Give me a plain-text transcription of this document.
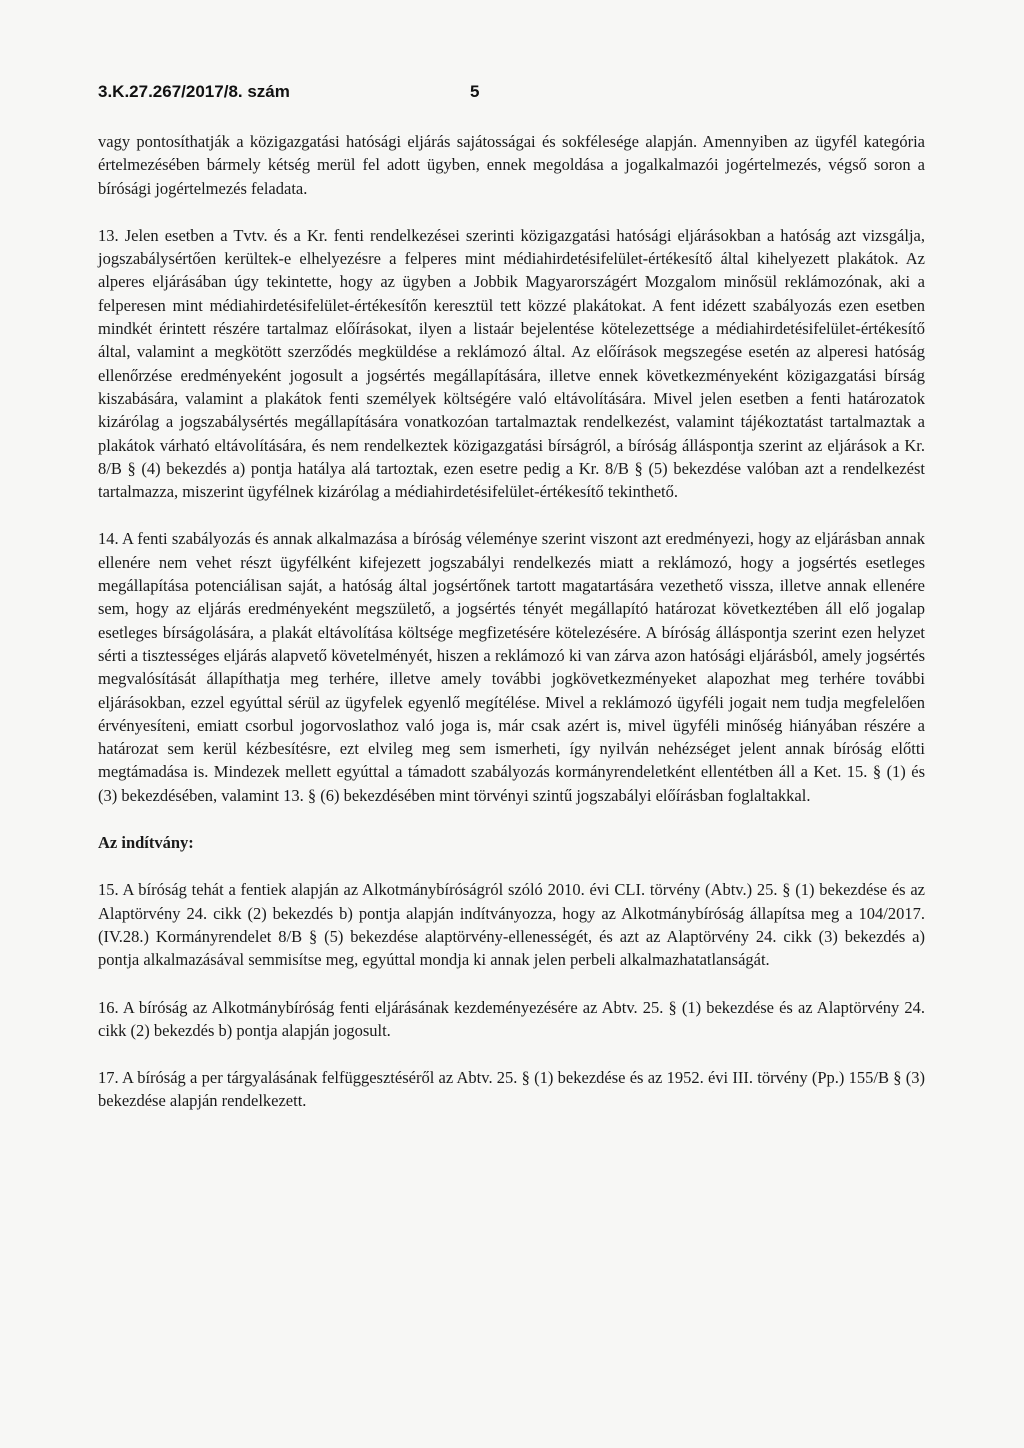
3.K.27.267/2017/8. szám	5

vagy pontosíthatják a közigazgatási hatósági eljárás sajátosságai és sokfélesége alapján. Amennyiben az ügyfél kategória értelmezésében bármely kétség merül fel adott ügyben, ennek megoldása a jogalkalmazói jogértelmezés, végső soron a bírósági jogértelmezés feladata.

13. Jelen esetben a Tvtv. és a Kr. fenti rendelkezései szerinti közigazgatási hatósági eljárásokban a hatóság azt vizsgálja, jogszabálysértően kerültek-e elhelyezésre a felperes mint médiahirdetésifelület-értékesítő által kihelyezett plakátok. Az alperes eljárásában úgy tekintette, hogy az ügyben a Jobbik Magyarországért Mozgalom minősül reklámozónak, aki a felperesen mint médiahirdetésifelület-értékesítőn keresztül tett közzé plakátokat. A fent idézett szabályozás ezen esetben mindkét érintett részére tartalmaz előírásokat, ilyen a listaár bejelentése kötelezettsége a médiahirdetésifelület-értékesítő által, valamint a megkötött szerződés megküldése a reklámozó által. Az előírások megszegése esetén az alperesi hatóság ellenőrzése eredményeként jogosult a jogsértés megállapítására, illetve ennek következményeként közigazgatási bírság kiszabására, valamint a plakátok fenti személyek költségére való eltávolítására. Mivel jelen esetben a fenti határozatok kizárólag a jogszabálysértés megállapítására vonatkozóan tartalmaztak rendelkezést, valamint tájékoztatást tartalmaztak a plakátok várható eltávolítására, és nem rendelkeztek közigazgatási bírságról, a bíróság álláspontja szerint az eljárások a Kr. 8/B § (4) bekezdés a) pontja hatálya alá tartoztak, ezen esetre pedig a Kr. 8/B § (5) bekezdése valóban azt a rendelkezést tartalmazza, miszerint ügyfélnek kizárólag a médiahirdetésifelület-értékesítő tekinthető.

14. A fenti szabályozás és annak alkalmazása a bíróság véleménye szerint viszont azt eredményezi, hogy az eljárásban annak ellenére nem vehet részt ügyfélként kifejezett jogszabályi rendelkezés miatt a reklámozó, hogy a jogsértés esetleges megállapítása potenciálisan saját, a hatóság által jogsértőnek tartott magatartására vezethető vissza, illetve annak ellenére sem, hogy az eljárás eredményeként megszülető, a jogsértés tényét megállapító határozat következtében áll elő jogalap esetleges bírságolására, a plakát eltávolítása költsége megfizetésére kötelezésére. A bíróság álláspontja szerint ezen helyzet sérti a tisztességes eljárás alapvető követelményét, hiszen a reklámozó ki van zárva azon hatósági eljárásból, amely jogsértés megvalósítását állapíthatja meg terhére, illetve amely további jogkövetkezményeket alapozhat meg terhére további eljárásokban, ezzel egyúttal sérül az ügyfelek egyenlő megítélése. Mivel a reklámozó ügyféli jogait nem tudja megfelelően érvényesíteni, emiatt csorbul jogorvoslathoz való joga is, már csak azért is, mivel ügyféli minőség hiányában részére a határozat sem kerül kézbesítésre, ezt elvileg meg sem ismerheti, így nyilván nehézséget jelent annak bíróság előtti megtámadása is. Mindezek mellett egyúttal a támadott szabályozás kormányrendeletként ellentétben áll a Ket. 15. § (1) és (3) bekezdésében, valamint 13. § (6) bekezdésében mint törvényi szintű jogszabályi előírásban foglaltakkal.

Az indítvány:

15. A bíróság tehát a fentiek alapján az Alkotmánybíróságról szóló 2010. évi CLI. törvény (Abtv.) 25. § (1) bekezdése és az Alaptörvény 24. cikk (2) bekezdés b) pontja alapján indítványozza, hogy az Alkotmánybíróság állapítsa meg a 104/2017. (IV.28.) Kormányrendelet 8/B § (5) bekezdése alaptörvény-ellenességét, és azt az Alaptörvény 24. cikk (3) bekezdés a) pontja alkalmazásával semmisítse meg, egyúttal mondja ki annak jelen perbeli alkalmazhatatlanságát.

16. A bíróság az Alkotmánybíróság fenti eljárásának kezdeményezésére az Abtv. 25. § (1) bekezdése és az Alaptörvény 24. cikk (2) bekezdés b) pontja alapján jogosult.

17. A bíróság a per tárgyalásának felfüggesztéséről az Abtv. 25. § (1) bekezdése és az 1952. évi III. törvény (Pp.) 155/B § (3) bekezdése alapján rendelkezett.
